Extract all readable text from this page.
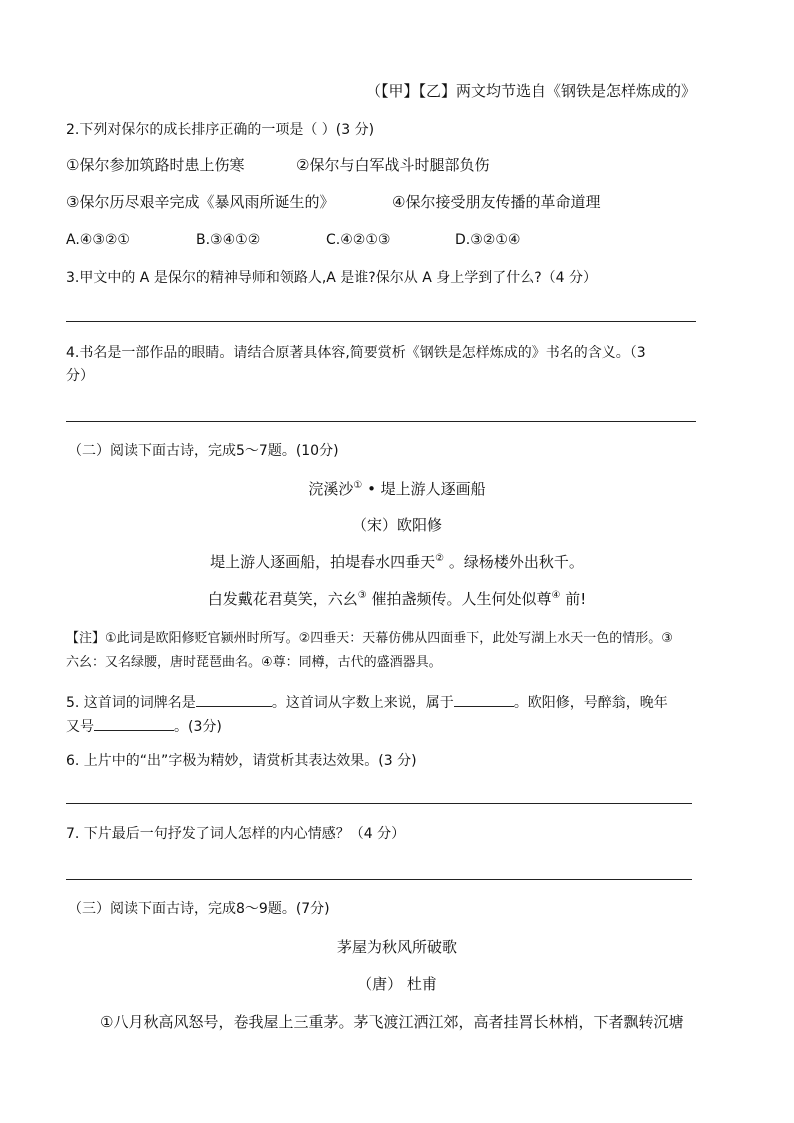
（【甲】【乙】两文均节选自《钢铁是怎样炼成的》
2.下列对保尔的成长排序正确的一项是（ ）(3 分)
①保尔参加筑路时患上伤寒	②保尔与白军战斗时腿部负伤
③保尔历尽艰辛完成《暴风雨所诞生的》	④保尔接受朋友传播的革命道理
A.④③②①	B.③④①②	C.④②①③	D.③②①④
3.甲文中的 A 是保尔的精神导师和领路人,A 是谁?保尔从 A 身上学到了什么?（4 分）
4.书名是一部作品的眼睛。请结合原著具体容,简要赏析《钢铁是怎样炼成的》书名的含义。（3
分）
（二）阅读下面古诗，完成5～7题。(10分)
浣溪沙① • 堤上游人逐画船
（宋）欧阳修
堤上游人逐画船，拍堤春水四垂天② 。绿杨楼外出秋千。
白发戴花君莫笑，六幺③ 催拍盏频传。人生何处似尊④ 前!
【注】①此词是欧阳修贬官颍州时所写。②四垂天：天幕仿佛从四面垂下，此处写湖上水天一色的情形。③
六幺：又名绿腰，唐时琵琶曲名。④尊：同樽，古代的盛酒器具。
5. 这首词的词牌名是	。这首词从字数上来说，属于	。欧阳修，号醉翁，晚年
又号	。(3分)
6. 上片中的“出”字极为精妙，请赏析其表达效果。(3 分)
7. 下片最后一句抒发了词人怎样的内心情感？（4 分）
（三）阅读下面古诗，完成8～9题。(7分)
茅屋为秋风所破歌
（唐） 杜甫
①八月秋高风怒号，卷我屋上三重茅。茅飞渡江洒江郊，高者挂罥长林梢，下者飘转沉塘
